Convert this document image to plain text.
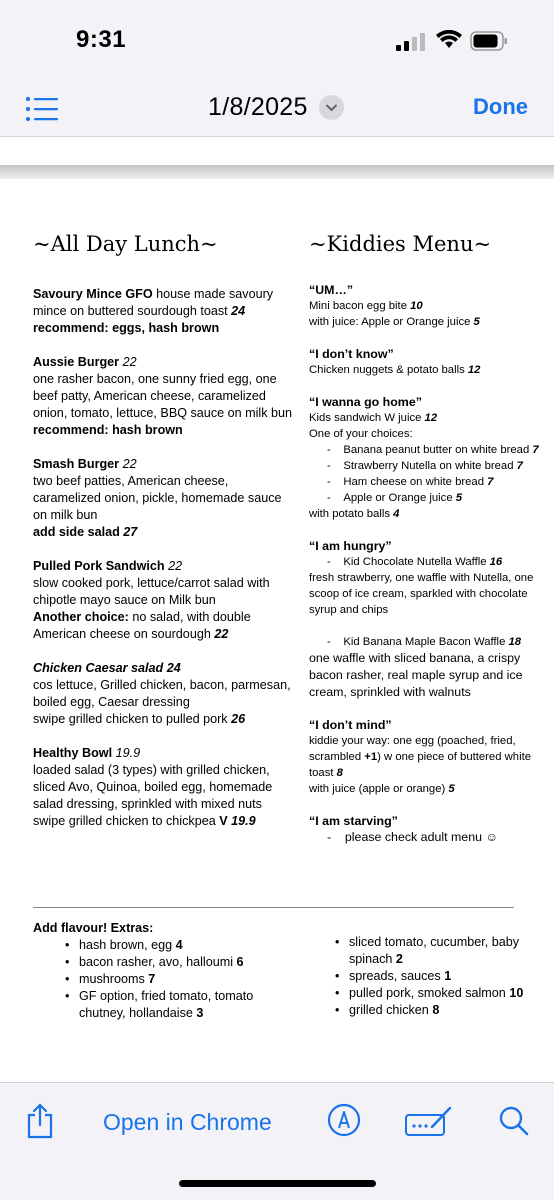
9:31
1/8/2025	Done
~All Day Lunch~	~Kiddies Menu~
Savoury Mince GFO house made savoury mince on buttered sourdough toast 24
recommend: eggs, hash brown
Aussie Burger 22
one rasher bacon, one sunny fried egg, one beef patty, American cheese, caramelized onion, tomato, lettuce, BBQ sauce on milk bun
recommend: hash brown
Smash Burger 22
two beef patties, American cheese, caramelized onion, pickle, homemade sauce on milk bun
add side salad 27
Pulled Pork Sandwich 22
slow cooked pork, lettuce/carrot salad with chipotle mayo sauce on Milk bun
Another choice: no salad, with double American cheese on sourdough 22
Chicken Caesar salad 24
cos lettuce, Grilled chicken, bacon, parmesan, boiled egg, Caesar dressing
swipe grilled chicken to pulled pork 26
Healthy Bowl 19.9
loaded salad (3 types) with grilled chicken, sliced Avo, Quinoa, boiled egg, homemade salad dressing, sprinkled with mixed nuts
swipe grilled chicken to chickpea V 19.9
“UM…”
Mini bacon egg bite 10
with juice: Apple or Orange juice 5
“I don’t know”
Chicken nuggets & potato balls 12
“I wanna go home”
Kids sandwich W juice 12
One of your choices:
-    Banana peanut butter on white bread 7
-    Strawberry Nutella on white bread 7
-    Ham cheese on white bread 7
-    Apple or Orange juice 5
with potato balls 4
“I am hungry”
-    Kid Chocolate Nutella Waffle 16
fresh strawberry, one waffle with Nutella, one scoop of ice cream, sparkled with chocolate syrup and chips
-    Kid Banana Maple Bacon Waffle 18
one waffle with sliced banana, a crispy bacon rasher, real maple syrup and ice cream, sprinkled with walnuts
“I don’t mind”
kiddie your way: one egg (poached, fried, scrambled +1) w one piece of buttered white toast 8
with juice (apple or orange) 5
“I am starving”
-    please check adult menu ☺
Add flavour! Extras:
• hash brown, egg 4
• bacon rasher, avo, halloumi 6
• mushrooms 7
• GF option, fried tomato, tomato chutney, hollandaise 3
• sliced tomato, cucumber, baby spinach 2
• spreads, sauces 1
• pulled pork, smoked salmon 10
• grilled chicken 8
Open in Chrome
